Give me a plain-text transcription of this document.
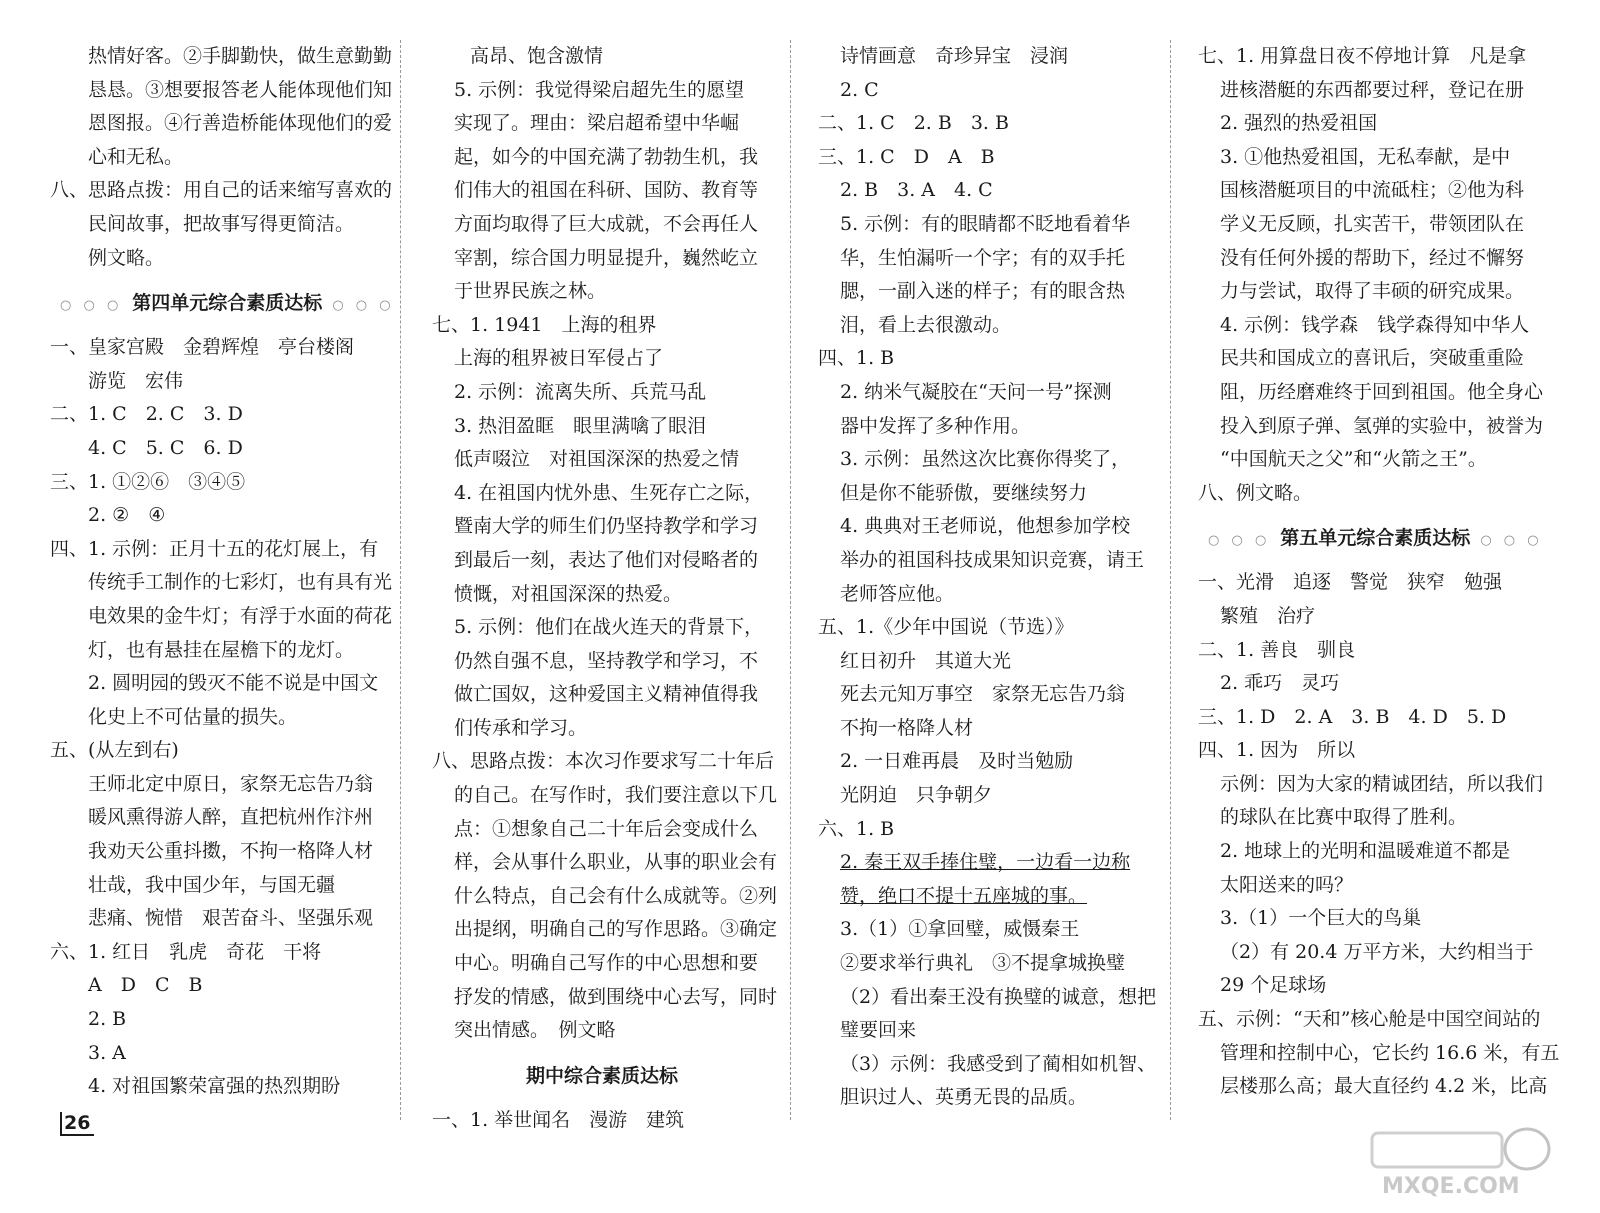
热情好客。②手脚勤快，做生意勤勤
恳恳。③想要报答老人能体现他们知
恩图报。④行善造桥能体现他们的爱
心和无私。
八、思路点拨：用自己的话来缩写喜欢的
民间故事，把故事写得更简洁。
例文略。
○ ○ ○ 第四单元综合素质达标 ○ ○ ○
一、皇家宫殿　金碧辉煌　亭台楼阁
游览　宏伟
二、1. C　2. C　3. D
4. C　5. C　6. D
三、1. ①②⑥　③④⑤
2. ②　④
四、1. 示例：正月十五的花灯展上，有
传统手工制作的七彩灯，也有具有光
电效果的金牛灯；有浮于水面的荷花
灯，也有悬挂在屋檐下的龙灯。
2. 圆明园的毁灭不能不说是中国文
化史上不可估量的损失。
五、(从左到右)
王师北定中原日，家祭无忘告乃翁
暖风熏得游人醉，直把杭州作汴州
我劝天公重抖擞，不拘一格降人材
壮哉，我中国少年，与国无疆
悲痛、惋惜　艰苦奋斗、坚强乐观
六、1. 红日　乳虎　奇花　干将
A　D　C　B
2. B
3. A
4. 对祖国繁荣富强的热烈期盼
高昂、饱含激情
5. 示例：我觉得梁启超先生的愿望
实现了。理由：梁启超希望中华崛
起，如今的中国充满了勃勃生机，我
们伟大的祖国在科研、国防、教育等
方面均取得了巨大成就，不会再任人
宰割，综合国力明显提升，巍然屹立
于世界民族之林。
七、1. 1941　上海的租界
上海的租界被日军侵占了
2. 示例：流离失所、兵荒马乱
3. 热泪盈眶　眼里满噙了眼泪
低声啜泣　对祖国深深的热爱之情
4. 在祖国内忧外患、生死存亡之际，
暨南大学的师生们仍坚持教学和学习
到最后一刻，表达了他们对侵略者的
愤慨，对祖国深深的热爱。
5. 示例：他们在战火连天的背景下，
仍然自强不息，坚持教学和学习，不
做亡国奴，这种爱国主义精神值得我
们传承和学习。
八、思路点拨：本次习作要求写二十年后
的自己。在写作时，我们要注意以下几
点：①想象自己二十年后会变成什么
样，会从事什么职业，从事的职业会有
什么特点，自己会有什么成就等。②列
出提纲，明确自己的写作思路。③确定
中心。明确自己写作的中心思想和要
抒发的情感，做到围绕中心去写，同时
突出情感。　例文略
期中综合素质达标
一、1. 举世闻名　漫游　建筑
诗情画意　奇珍异宝　浸润
2. C
二、1. C　2. B　3. B
三、1. C　D　A　B
2. B　3. A　4. C
5. 示例：有的眼睛都不眨地看着华
华，生怕漏听一个字；有的双手托
腮，一副入迷的样子；有的眼含热
泪，看上去很激动。
四、1. B
2. 纳米气凝胶在“天问一号”探测
器中发挥了多种作用。
3. 示例：虽然这次比赛你得奖了，
但是你不能骄傲，要继续努力
4. 典典对王老师说，他想参加学校
举办的祖国科技成果知识竞赛，请王
老师答应他。
五、1.《少年中国说（节选）》
红日初升　其道大光
死去元知万事空　家祭无忘告乃翁
不拘一格降人材
2. 一日难再晨　及时当勉励
光阴迫　只争朝夕
六、1. B
2. 秦王双手捧住璧，一边看一边称
赞，绝口不提十五座城的事。
3.（1）①拿回璧，威慑秦王
②要求举行典礼　③不提拿城换璧
（2）看出秦王没有换璧的诚意，想把
璧要回来
（3）示例：我感受到了蔺相如机智、
胆识过人、英勇无畏的品质。
七、1. 用算盘日夜不停地计算　凡是拿
进核潜艇的东西都要过秤，登记在册
2. 强烈的热爱祖国
3. ①他热爱祖国，无私奉献，是中
国核潜艇项目的中流砥柱；②他为科
学义无反顾，扎实苦干，带领团队在
没有任何外援的帮助下，经过不懈努
力与尝试，取得了丰硕的研究成果。
4. 示例：钱学森　钱学森得知中华人
民共和国成立的喜讯后，突破重重险
阻，历经磨难终于回到祖国。他全身心
投入到原子弹、氢弹的实验中，被誉为
“中国航天之父”和“火箭之王”。
八、例文略。
○ ○ ○ 第五单元综合素质达标 ○ ○ ○
一、光滑　追逐　警觉　狭窄　勉强
繁殖　治疗
二、1. 善良　驯良
2. 乖巧　灵巧
三、1. D　2. A　3. B　4. D　5. D
四、1. 因为　所以
示例：因为大家的精诚团结，所以我们
的球队在比赛中取得了胜利。
2. 地球上的光明和温暖难道不都是
太阳送来的吗？
3.（1）一个巨大的鸟巢
（2）有 20.4 万平方米，大约相当于
29 个足球场
五、示例：“天和”核心舱是中国空间站的
管理和控制中心，它长约 16.6 米，有五
层楼那么高；最大直径约 4.2 米，比高
26
MXQE.COM
